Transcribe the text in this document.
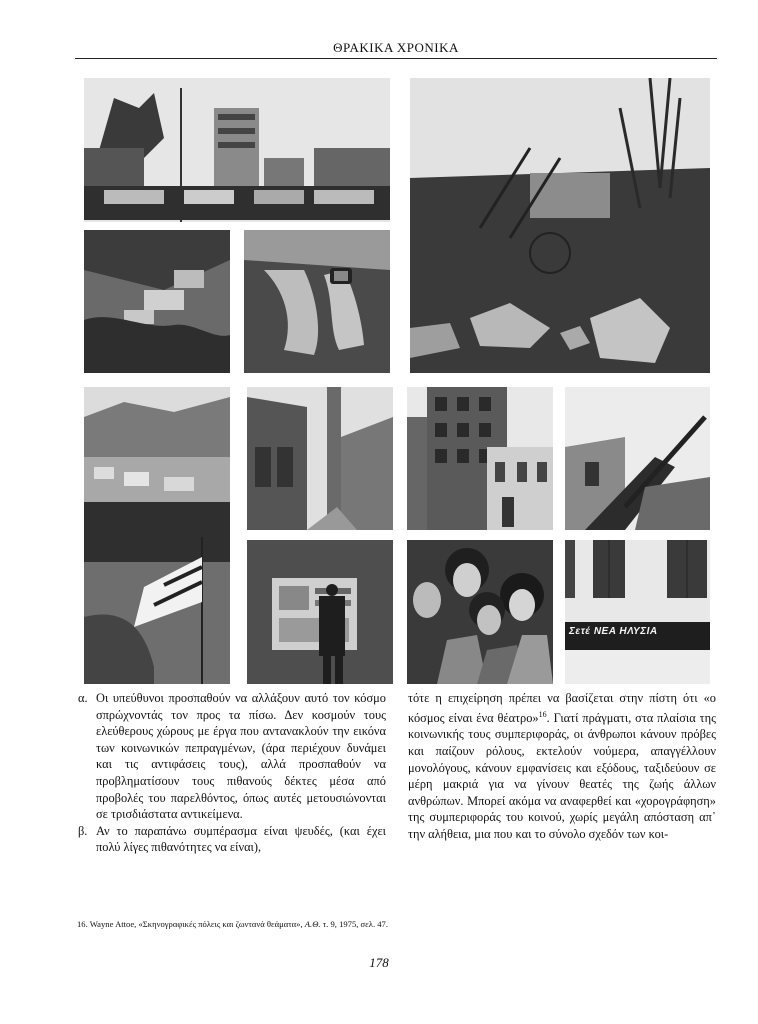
ΘΡΑΚΙΚΑ ΧΡΟΝΙΚΑ
Σετέ ΝΕΑ ΗΛΥΣΙΑ
α. Οι υπεύθυνοι προσπαθούν να αλλάξουν αυτό τον κόσμο σπρώχνοντάς τον προς τα πίσω. Δεν κοσμούν τους ελεύθερους χώρους με έργα που αντανακλούν την εικόνα των κοινωνικών πεπραγμένων, (άρα περιέχουν δυνάμει και τις αντιφάσεις τους), αλλά προσπαθούν να προβληματίσουν τους πιθανούς δέκτες μέσα από προβολές του παρελθόντος, όπως αυτές μετουσιώνονται σε τρισδιάστατα αντικείμενα.
β. Αν το παραπάνω συμπέρασμα είναι ψευδές, (και έχει πολύ λίγες πιθανότητες να είναι),
τότε η επιχείρηση πρέπει να βασίζεται στην πίστη ότι «ο κόσμος είναι ένα θέατρο»$^{16}$. Γιατί πράγματι, στα πλαίσια της κοινωνικής τους συμπεριφοράς, οι άνθρωποι κάνουν πρόβες και παίζουν ρόλους, εκτελούν νούμερα, απαγγέλλουν μονολόγους, κάνουν εμφανίσεις και εξόδους, ταξιδεύουν σε μέρη μακριά για να γίνουν θεατές της ζωής άλλων ανθρώπων. Μπορεί ακόμα να αναφερθεί και «χορογράφηση» της συμπεριφοράς του κοινού, χωρίς μεγάλη απόσταση απ᾽ την αλήθεια, μια που και το σύνολο σχεδόν των κοι-
16. Wayne Attoe, «Σκηνογραφικές πόλεις και ζωντανά θεάματα», Α.Θ. τ. 9, 1975, σελ. 47.
178
